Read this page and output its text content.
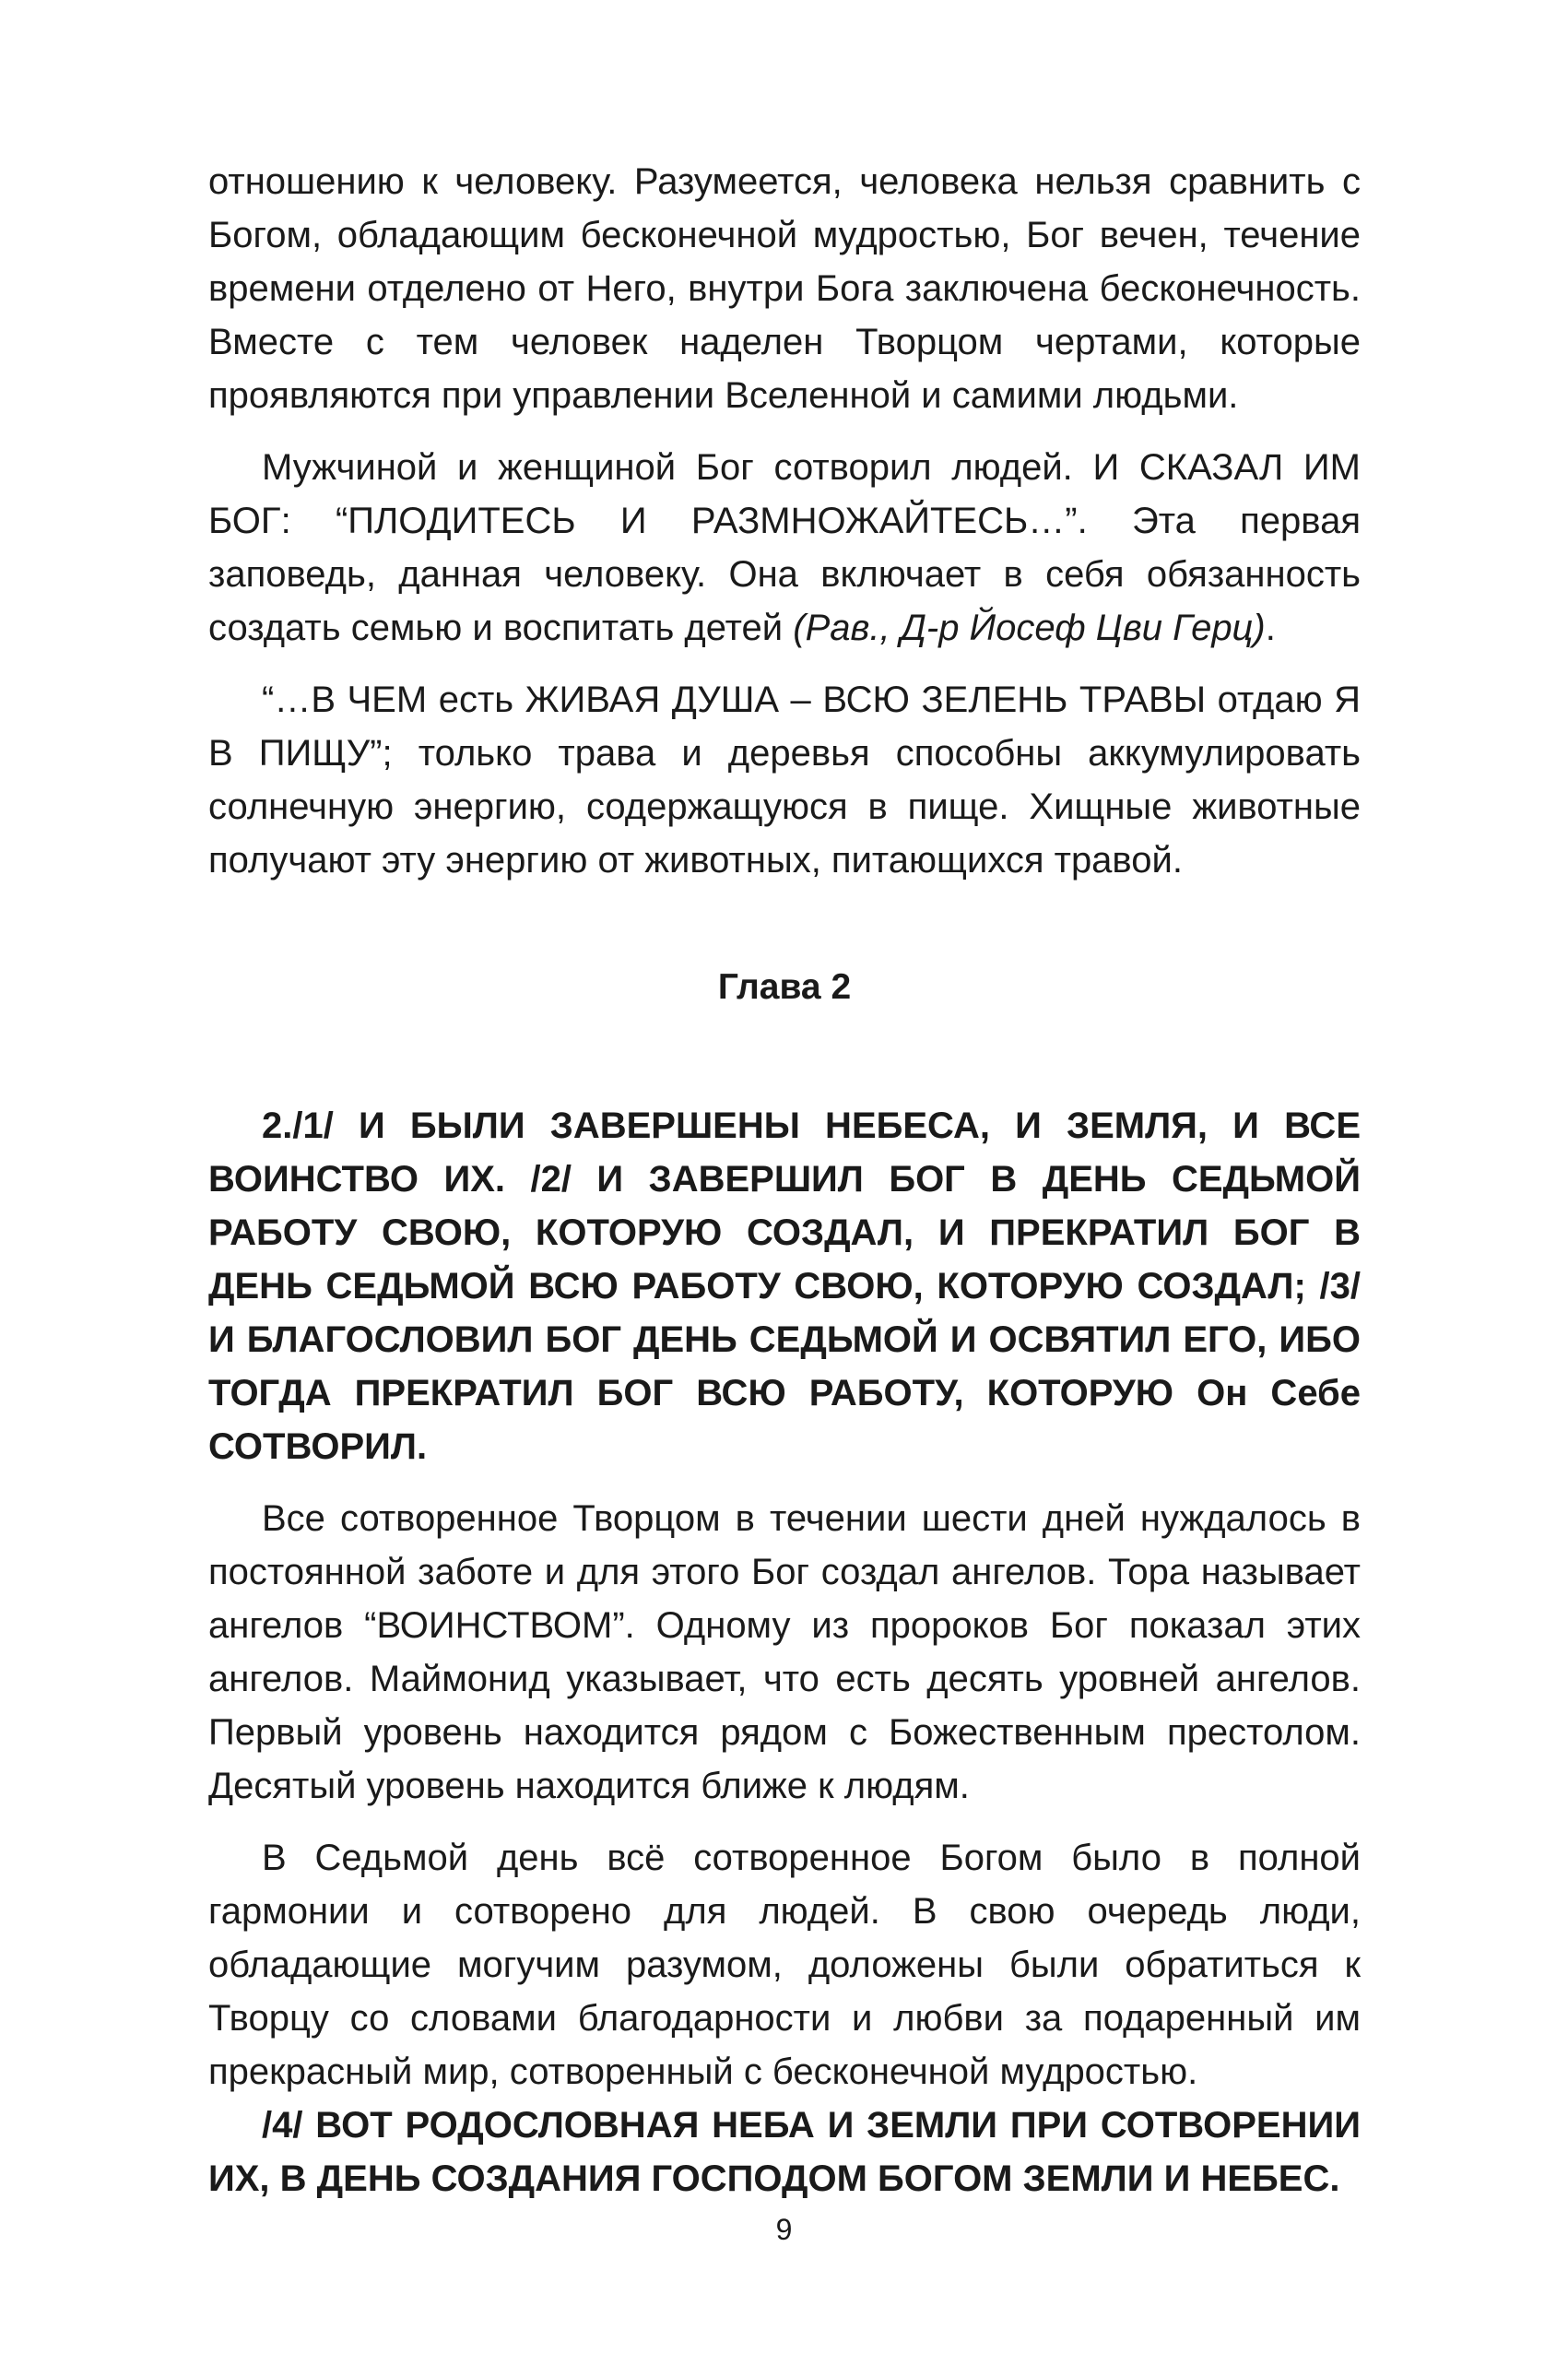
отношению к человеку. Разумеется, человека нельзя сравнить с Богом, обладающим бесконечной мудростью, Бог вечен, течение времени отделено от Него, внутри Бога заключена бесконечность. Вместе с тем человек наделен Творцом чертами, которые проявляются при управлении Вселенной и самими людьми.

Мужчиной и женщиной Бог сотворил людей. И СКАЗАЛ ИМ БОГ: “ПЛОДИТЕСЬ И РАЗМНОЖАЙТЕСЬ…”. Эта первая заповедь, данная человеку. Она включает в себя обязанность создать семью и воспитать детей (Рав., Д-р Йосеф Цви Герц).

“…В ЧЕМ есть ЖИВАЯ ДУША – ВСЮ ЗЕЛЕНЬ ТРАВЫ отдаю Я В ПИЩУ”; только трава и деревья способны аккумулировать солнечную энергию, содержащуюся в пище. Хищные животные получают эту энергию от животных, питающихся травой.

Глава 2

2./1/ И БЫЛИ ЗАВЕРШЕНЫ НЕБЕСА, И ЗЕМЛЯ, И ВСЕ ВОИНСТВО ИХ. /2/ И ЗАВЕРШИЛ БОГ В ДЕНЬ СЕДЬМОЙ РАБОТУ СВОЮ, КОТОРУЮ СОЗДАЛ, И ПРЕКРАТИЛ БОГ В ДЕНЬ СЕДЬМОЙ ВСЮ РАБОТУ СВОЮ, КОТОРУЮ СОЗДАЛ; /3/ И БЛАГОСЛОВИЛ БОГ ДЕНЬ СЕДЬМОЙ И ОСВЯТИЛ ЕГО, ИБО ТОГДА ПРЕКРАТИЛ БОГ ВСЮ РАБОТУ, КОТОРУЮ Он Себе СОТВОРИЛ.

Все сотворенное Творцом в течении шести дней нуждалось в постоянной заботе и для этого Бог создал ангелов. Тора называет ангелов “ВОИНСТВОМ”. Одному из пророков Бог показал этих ангелов. Маймонид указывает, что есть десять уровней ангелов. Первый уровень находится рядом с Божественным престолом. Десятый уровень находится ближе к людям.

В Седьмой день всё сотворенное Богом было в полной гармонии и сотворено для людей. В свою очередь люди, обладающие могучим разумом, доложены были обратиться к Творцу со словами благодарности и любви за подаренный им прекрасный мир, сотворенный с бесконечной мудростью.

/4/ ВОТ РОДОСЛОВНАЯ НЕБА И ЗЕМЛИ ПРИ СОТВОРЕНИИ ИХ, В ДЕНЬ СОЗДАНИЯ ГОСПОДОМ БОГОМ ЗЕМЛИ И НЕБЕС.

9
